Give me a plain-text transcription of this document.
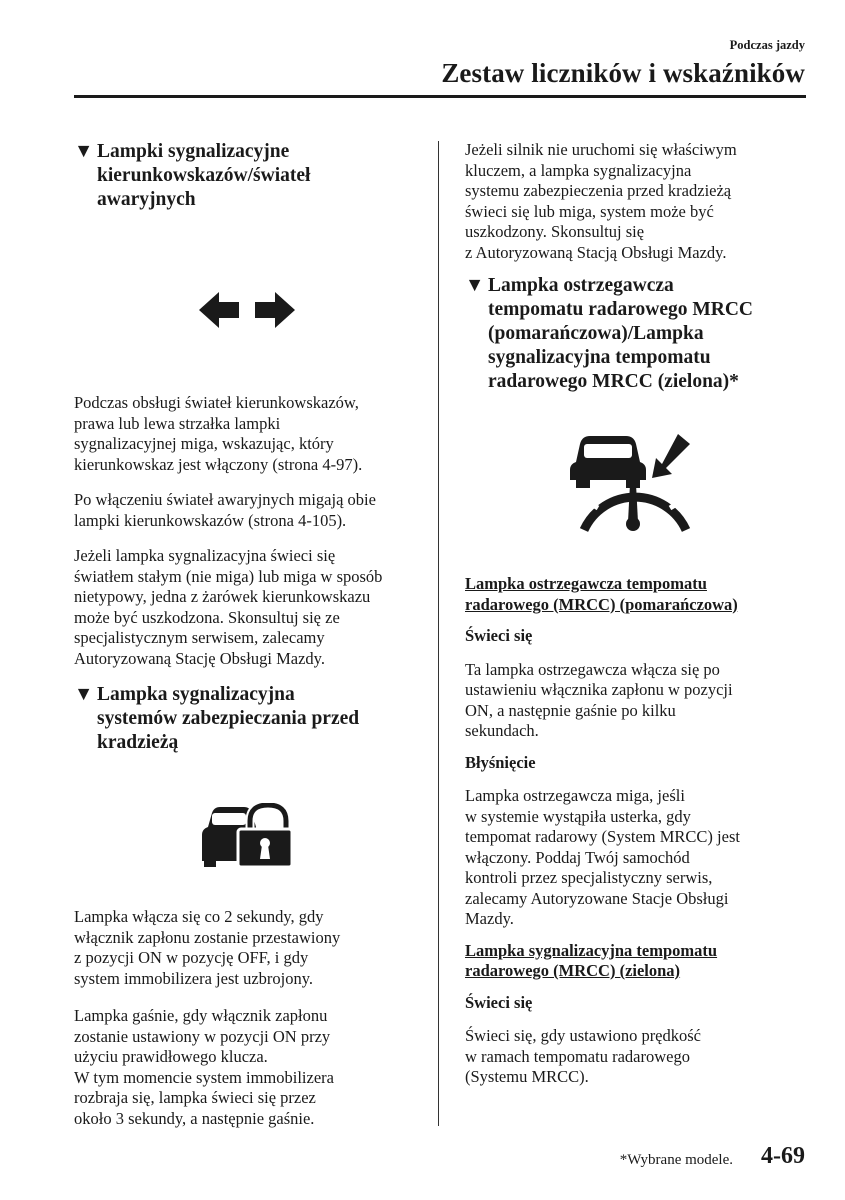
Podczas jazdy
Zestaw liczników i wskaźników
▼ Lampki sygnalizacyjne
kierunkowskazów/świateł
awaryjnych

Podczas obsługi świateł kierunkowskazów,
prawa lub lewa strzałka lampki
sygnalizacyjnej miga, wskazując, który
kierunkowskaz jest włączony (strona 4-97).

Po włączeniu świateł awaryjnych migają obie
lampki kierunkowskazów (strona 4-105).

Jeżeli lampka sygnalizacyjna świeci się
światłem stałym (nie miga) lub miga w sposób
nietypowy, jedna z żarówek kierunkowskazu
może być uszkodzona. Skonsultuj się ze
specjalistycznym serwisem, zalecamy
Autoryzowaną Stację Obsługi Mazdy.

▼ Lampka sygnalizacyjna
systemów zabezpieczania przed
kradzieżą

Lampka włącza się co 2 sekundy, gdy
włącznik zapłonu zostanie przestawiony
z pozycji ON w pozycję OFF, i gdy
system immobilizera jest uzbrojony.

Lampka gaśnie, gdy włącznik zapłonu
zostanie ustawiony w pozycji ON przy
użyciu prawidłowego klucza.
W tym momencie system immobilizera
rozbraja się, lampka świeci się przez
około 3 sekundy, a następnie gaśnie.

Jeżeli silnik nie uruchomi się właściwym
kluczem, a lampka sygnalizacyjna
systemu zabezpieczenia przed kradzieżą
świeci się lub miga, system może być
uszkodzony. Skonsultuj się
z Autoryzowaną Stacją Obsługi Mazdy.

▼ Lampka ostrzegawcza
tempomatu radarowego MRCC
(pomarańczowa)/Lampka
sygnalizacyjna tempomatu
radarowego MRCC (zielona)*

Lampka ostrzegawcza tempomatu
radarowego (MRCC) (pomarańczowa)

Świeci się

Ta lampka ostrzegawcza włącza się po
ustawieniu włącznika zapłonu w pozycji
ON, a następnie gaśnie po kilku
sekundach.

Błyśnięcie

Lampka ostrzegawcza miga, jeśli
w systemie wystąpiła usterka, gdy
tempomat radarowy (System MRCC) jest
włączony. Poddaj Twój samochód
kontroli przez specjalistyczny serwis,
zalecamy Autoryzowane Stacje Obsługi
Mazdy.

Lampka sygnalizacyjna tempomatu
radarowego (MRCC) (zielona)

Świeci się

Świeci się, gdy ustawiono prędkość
w ramach tempomatu radarowego
(Systemu MRCC).

*Wybrane modele. 4-69
